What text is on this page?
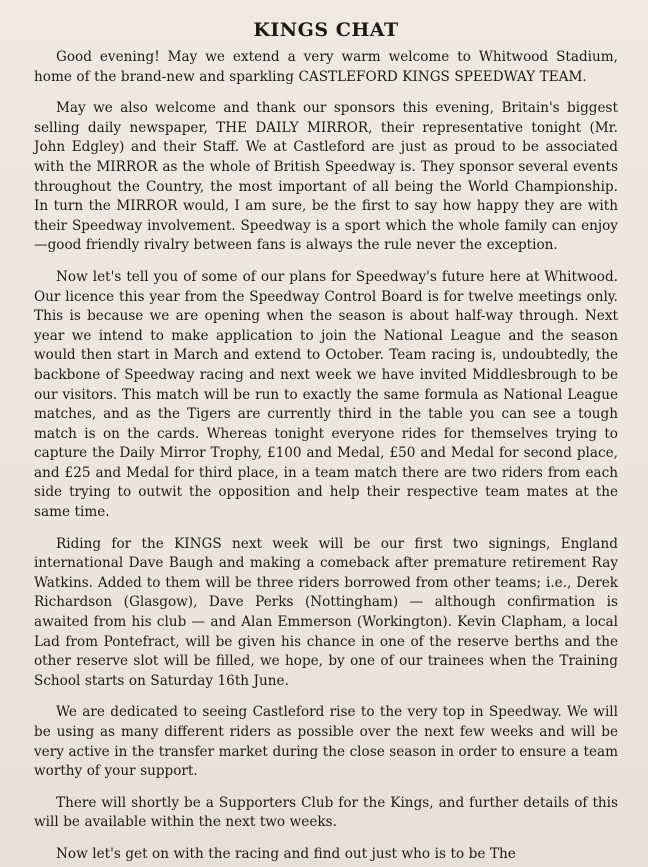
KINGS CHAT

Good evening! May we extend a very warm welcome to Whitwood Stadium, home of the brand-new and sparkling CASTLEFORD KINGS SPEEDWAY TEAM.

May we also welcome and thank our sponsors this evening, Britain's biggest selling daily newspaper, THE DAILY MIRROR, their representative tonight (Mr. John Edgley) and their Staff. We at Castleford are just as proud to be associated with the MIRROR as the whole of British Speedway is. They sponsor several events throughout the Country, the most important of all being the World Championship. In turn the MIRROR would, I am sure, be the first to say how happy they are with their Speedway involvement. Speedway is a sport which the whole family can enjoy—good friendly rivalry between fans is always the rule never the exception.

Now let's tell you of some of our plans for Speedway's future here at Whitwood. Our licence this year from the Speedway Control Board is for twelve meetings only. This is because we are opening when the season is about half-way through. Next year we intend to make application to join the National League and the season would then start in March and extend to October. Team racing is, undoubtedly, the backbone of Speedway racing and next week we have invited Middlesbrough to be our visitors. This match will be run to exactly the same formula as National League matches, and as the Tigers are currently third in the table you can see a tough match is on the cards. Whereas tonight everyone rides for themselves trying to capture the Daily Mirror Trophy, £100 and Medal, £50 and Medal for second place, and £25 and Medal for third place, in a team match there are two riders from each side trying to outwit the opposition and help their respective team mates at the same time.

Riding for the KINGS next week will be our first two signings, England international Dave Baugh and making a comeback after premature retirement Ray Watkins. Added to them will be three riders borrowed from other teams; i.e., Derek Richardson (Glasgow), Dave Perks (Nottingham) — although confirmation is awaited from his club — and Alan Emmerson (Workington). Kevin Clapham, a local Lad from Pontefract, will be given his chance in one of the reserve berths and the other reserve slot will be filled, we hope, by one of our trainees when the Training School starts on Saturday 16th June.

We are dedicated to seeing Castleford rise to the very top in Speedway. We will be using as many different riders as possible over the next few weeks and will be very active in the transfer market during the close season in order to ensure a team worthy of your support.

There will shortly be a Supporters Club for the Kings, and further details of this will be available within the next two weeks.

Now let's get on with the racing and find out just who is to be The
